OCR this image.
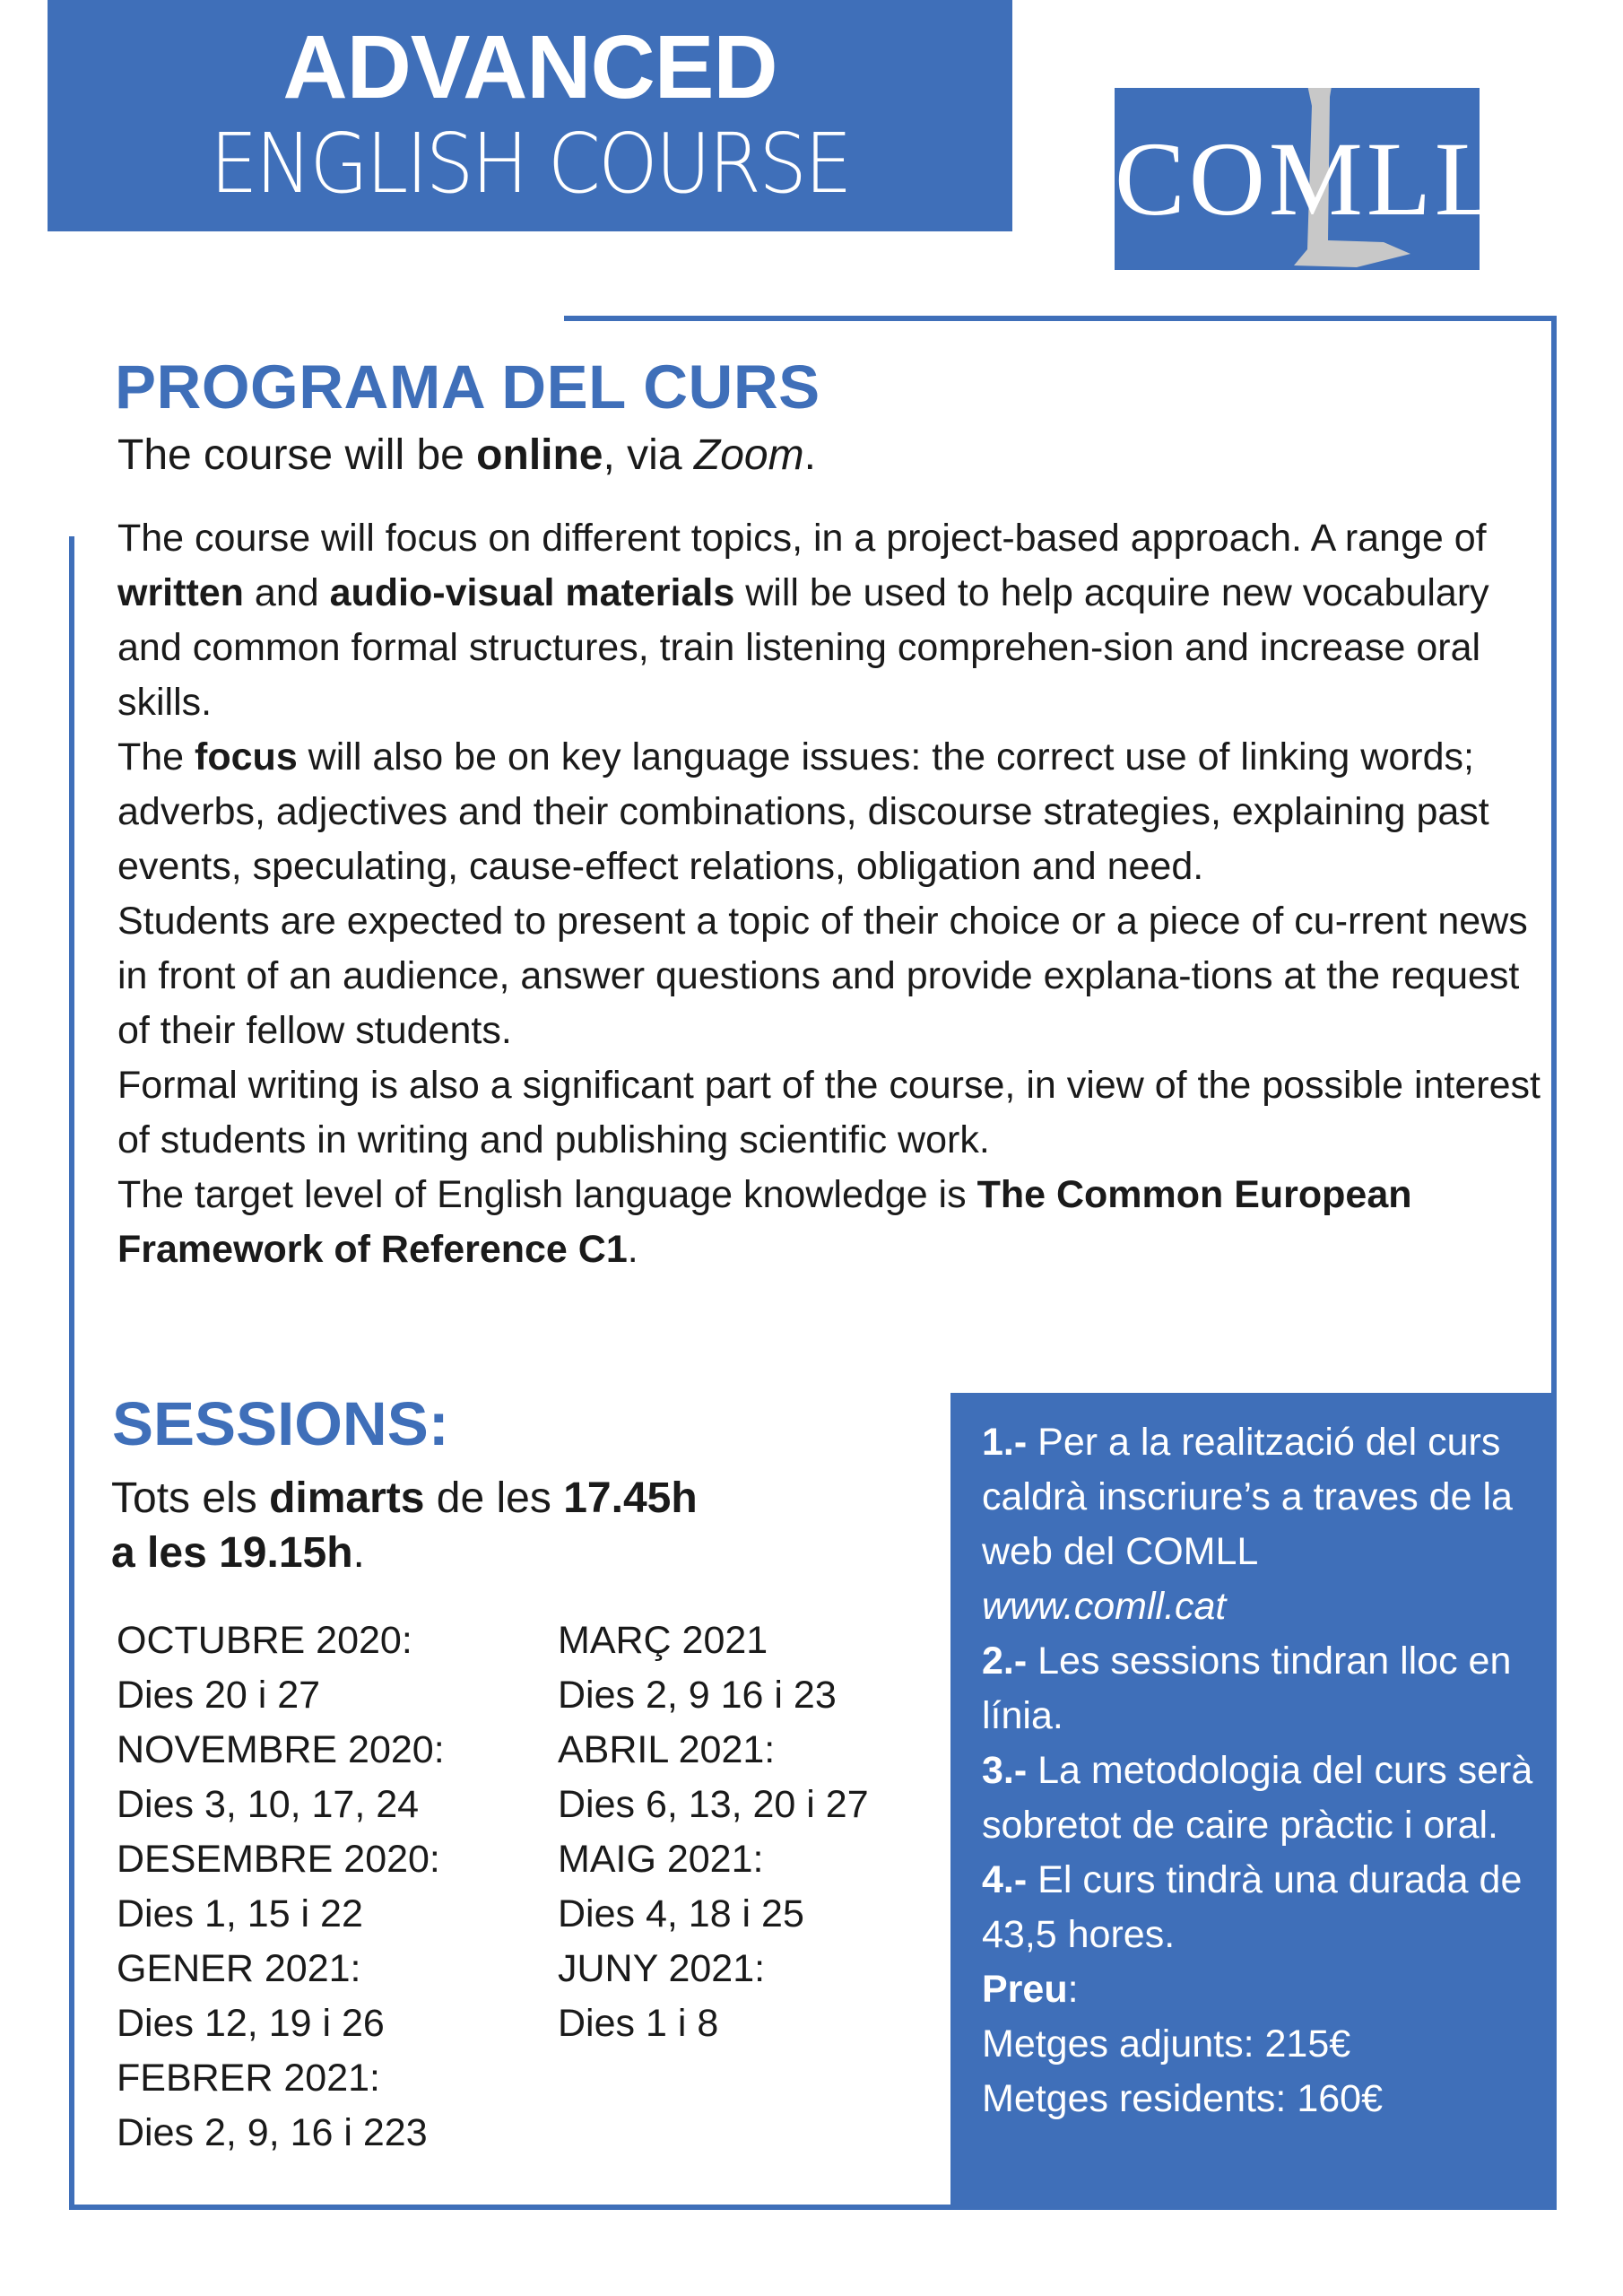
ADVANCED
ENGLISH COURSE	COMLL
PROGRAMA DEL CURS
The course will be online, via Zoom.

The course will focus on different topics, in a project-based approach. A range of written and audio-visual materials will be used to help acquire new vocabulary and common formal structures, train listening comprehen-sion and increase oral skills.

The focus will also be on key language issues: the correct use of linking words; adverbs, adjectives and their combinations, discourse strategies, explaining past events, speculating, cause-effect relations, obligation and need.

Students are expected to present a topic of their choice or a piece of cu-rrent news in front of an audience, answer questions and provide explana-tions at the request of their fellow students.

Formal writing is also a significant part of the course, in view of the possible interest of students in writing and publishing scientific work.

The target level of English language knowledge is The Common European Framework of Reference C1.

SESSIONS:
Tots els dimarts de les 17.45h
a les 19.15h.
OCTUBRE 2020:
Dies 20 i 27
NOVEMBRE 2020:
Dies 3, 10, 17, 24
DESEMBRE 2020:
Dies 1, 15 i 22
GENER 2021:
Dies 12, 19 i 26
FEBRER 2021:
Dies 2, 9, 16 i 223
MARÇ 2021
Dies 2, 9 16 i 23
ABRIL 2021:
Dies 6, 13, 20 i 27
MAIG 2021:
Dies 4, 18 i 25
JUNY 2021:
Dies 1 i 8
1.- Per a la realització del curs caldrà inscriure’s a traves de la web del COMLL
www.comll.cat
2.- Les sessions tindran lloc en línia.
3.- La metodologia del curs serà sobretot de caire pràctic i oral.
4.- El curs tindrà una durada de 43,5 hores.
Preu:
Metges adjunts: 215€
Metges residents: 160€
